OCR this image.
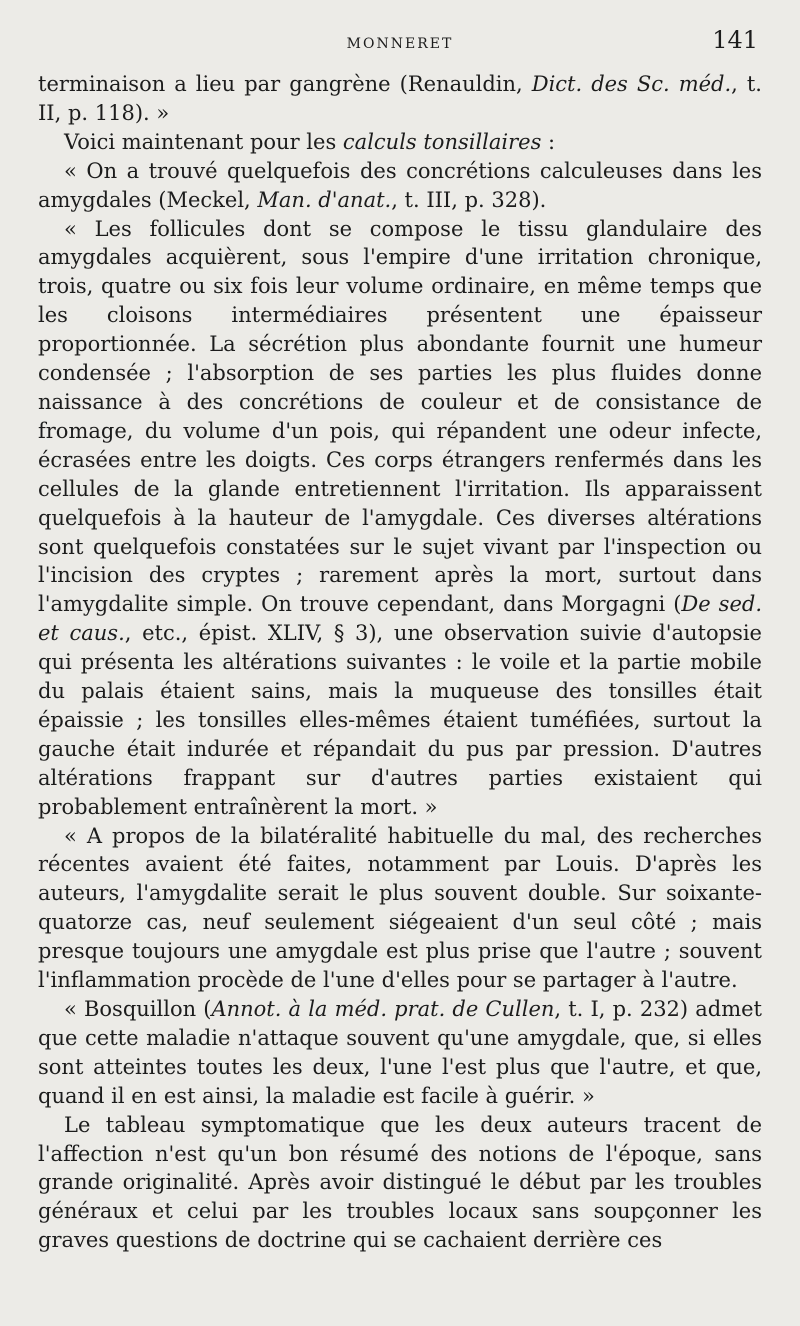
MONNERET	141

terminaison a lieu par gangrène (Renauldin, Dict. des Sc. méd., t. II, p. 118). »

Voici maintenant pour les calculs tonsillaires :

« On a trouvé quelquefois des concrétions calculeuses dans les amygdales (Meckel, Man. d'anat., t. III, p. 328).

« Les follicules dont se compose le tissu glandulaire des amygdales acquièrent, sous l'empire d'une irritation chronique, trois, quatre ou six fois leur volume ordinaire, en même temps que les cloisons intermédiaires présentent une épaisseur proportionnée. La sécrétion plus abondante fournit une humeur condensée ; l'absorption de ses parties les plus fluides donne naissance à des concrétions de couleur et de consistance de fromage, du volume d'un pois, qui répandent une odeur infecte, écrasées entre les doigts. Ces corps étrangers renfermés dans les cellules de la glande entretiennent l'irritation. Ils apparaissent quelquefois à la hauteur de l'amygdale. Ces diverses altérations sont quelquefois constatées sur le sujet vivant par l'inspection ou l'incision des cryptes ; rarement après la mort, surtout dans l'amygdalite simple. On trouve cependant, dans Morgagni (De sed. et caus., etc., épist. XLIV, § 3), une observation suivie d'autopsie qui présenta les altérations suivantes : le voile et la partie mobile du palais étaient sains, mais la muqueuse des tonsilles était épaissie ; les tonsilles elles-mêmes étaient tuméfiées, surtout la gauche était indurée et répandait du pus par pression. D'autres altérations frappant sur d'autres parties existaient qui probablement entraînèrent la mort. »

« A propos de la bilatéralité habituelle du mal, des recherches récentes avaient été faites, notamment par Louis. D'après les auteurs, l'amygdalite serait le plus souvent double. Sur soixante-quatorze cas, neuf seulement siégeaient d'un seul côté ; mais presque toujours une amygdale est plus prise que l'autre ; souvent l'inflammation procède de l'une d'elles pour se partager à l'autre.

« Bosquillon (Annot. à la méd. prat. de Cullen, t. I, p. 232) admet que cette maladie n'attaque souvent qu'une amygdale, que, si elles sont atteintes toutes les deux, l'une l'est plus que l'autre, et que, quand il en est ainsi, la maladie est facile à guérir. »

Le tableau symptomatique que les deux auteurs tracent de l'affection n'est qu'un bon résumé des notions de l'époque, sans grande originalité. Après avoir distingué le début par les troubles généraux et celui par les troubles locaux sans soupçonner les graves questions de doctrine qui se cachaient derrière ces
